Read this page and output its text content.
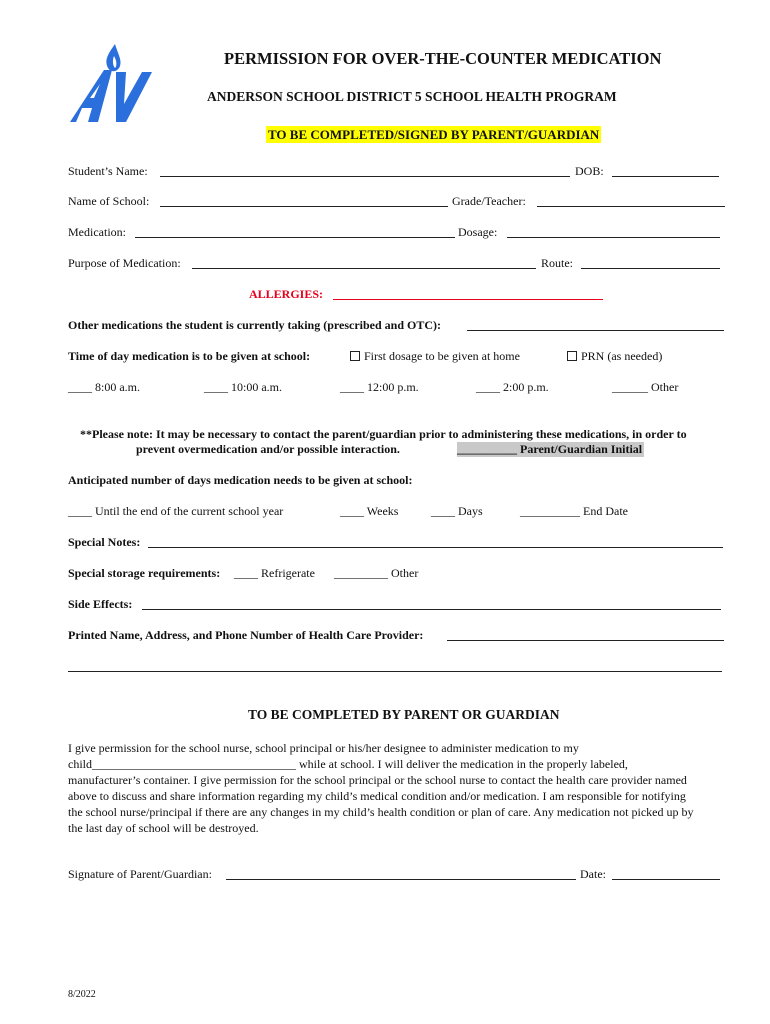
PERMISSION FOR OVER-THE-COUNTER MEDICATION
ANDERSON SCHOOL DISTRICT 5 SCHOOL HEALTH PROGRAM
TO BE COMPLETED/SIGNED BY PARENT/GUARDIAN
Student’s Name:	DOB:
Name of School:	Grade/Teacher:
Medication:	Dosage:
Purpose of Medication:	Route:
ALLERGIES:
Other medications the student is currently taking (prescribed and OTC):
Time of day medication is to be given at school:	First dosage to be given at home	PRN (as needed)
____ 8:00 a.m.	____ 10:00 a.m.	____ 12:00 p.m.	____ 2:00 p.m.	______ Other
**Please note: It may be necessary to contact the parent/guardian prior to administering these medications, in order to
prevent overmedication and/or possible interaction.	__________ Parent/Guardian Initial
Anticipated number of days medication needs to be given at school:
____ Until the end of the current school year	____ Weeks	____ Days	__________ End Date
Special Notes:
Special storage requirements: ____ Refrigerate _________ Other
Side Effects:
Printed Name, Address, and Phone Number of Health Care Provider:
TO BE COMPLETED BY PARENT OR GUARDIAN
I give permission for the school nurse, school principal or his/her designee to administer medication to my
child__________________________________ while at school. I will deliver the medication in the properly labeled,
manufacturer’s container. I give permission for the school principal or the school nurse to contact the health care provider named
above to discuss and share information regarding my child’s medical condition and/or medication. I am responsible for notifying
the school nurse/principal if there are any changes in my child’s health condition or plan of care. Any medication not picked up by
the last day of school will be destroyed.
Signature of Parent/Guardian:	Date:
8/2022
